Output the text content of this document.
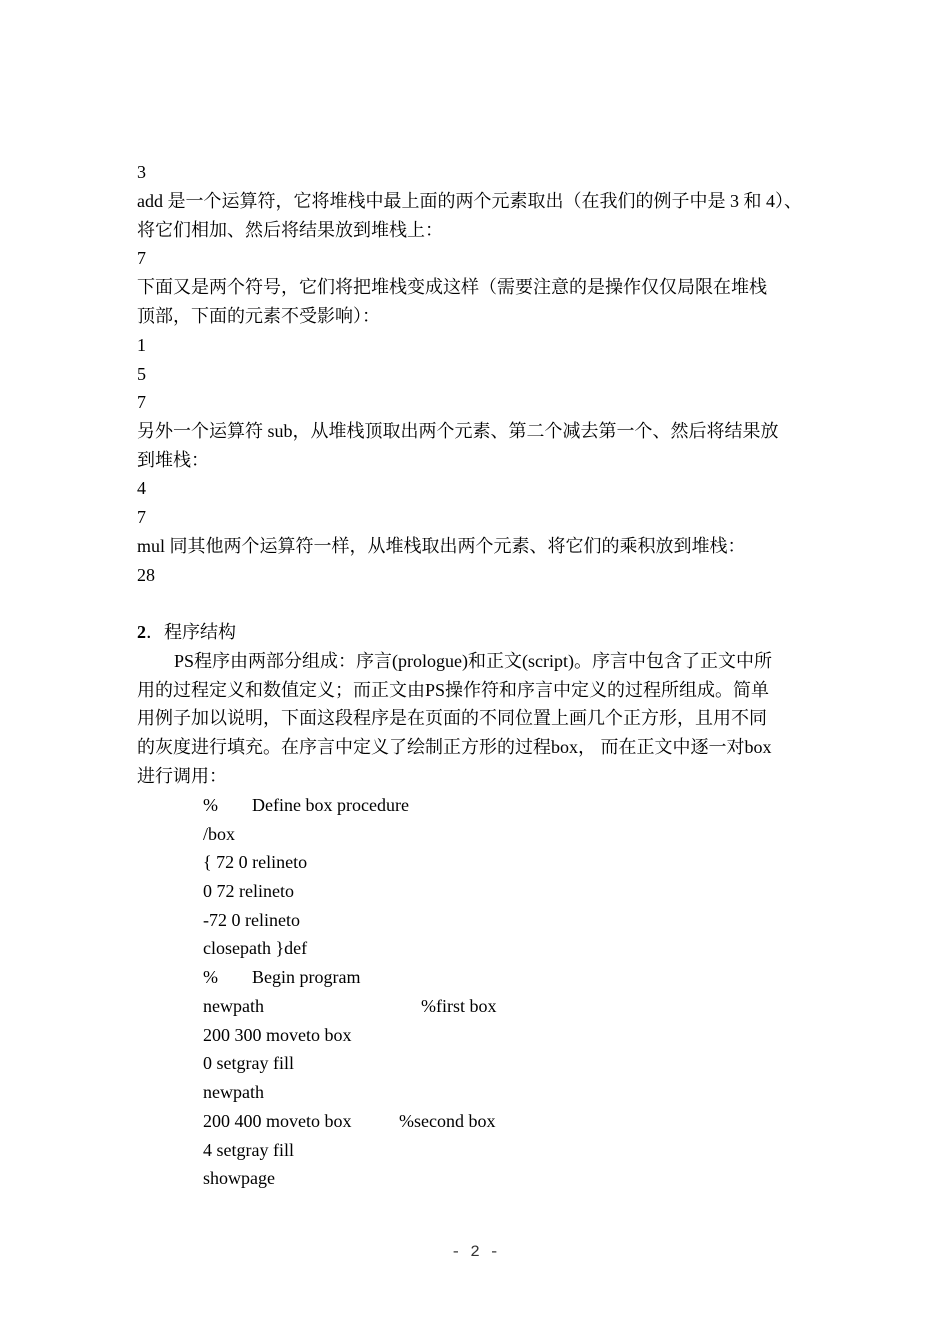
3
add 是一个运算符，它将堆栈中最上面的两个元素取出（在我们的例子中是 3 和 4）、
将它们相加、然后将结果放到堆栈上：
7
下面又是两个符号，它们将把堆栈变成这样（需要注意的是操作仅仅局限在堆栈
顶部，下面的元素不受影响）：
1
5
7
另外一个运算符 sub，从堆栈顶取出两个元素、第二个减去第一个、然后将结果放
到堆栈：
4
7
mul 同其他两个运算符一样，从堆栈取出两个元素、将它们的乘积放到堆栈：
28
2．程序结构
PS程序由两部分组成：序言(prologue)和正文(script)。序言中包含了正文中所
用的过程定义和数值定义；而正文由PS操作符和序言中定义的过程所组成。简单
用例子加以说明，下面这段程序是在页面的不同位置上画几个正方形，且用不同
的灰度进行填充。在序言中定义了绘制正方形的过程box， 而在正文中逐一对box
进行调用：
% Define box procedure
/box
{ 72 0 relineto
0 72 relineto
-72 0 relineto
closepath }def
% Begin program
newpath	%first box
200 300 moveto box
0 setgray fill
newpath
200 400 moveto box	%second box
4 setgray fill
showpage
- 2 -
